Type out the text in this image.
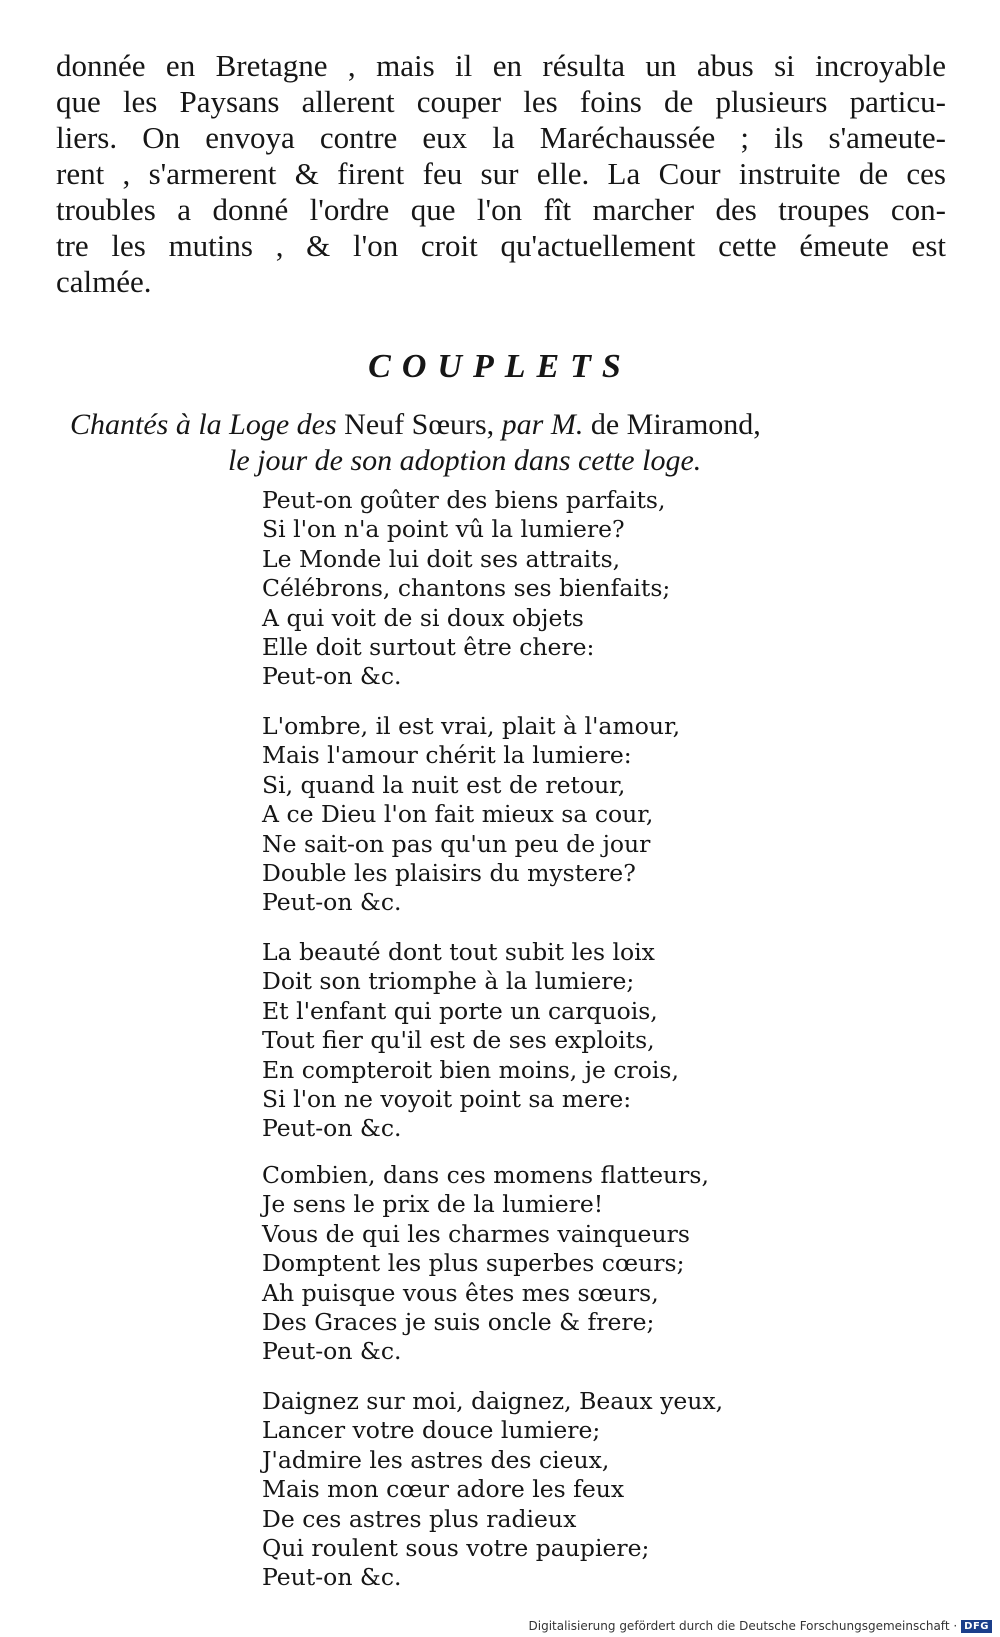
donnée en Bretagne , mais il en résulta un abus si incroyable
que les Paysans allerent couper les foins de plusieurs particu-
liers. On envoya contre eux la Maréchaussée ; ils s'ameute-
rent , s'armerent & firent feu sur elle. La Cour instruite de ces
troubles a donné l'ordre que l'on fît marcher des troupes con-
tre les mutins , & l'on croit qu'actuellement cette émeute est
calmée.
COUPLETS
Chantés à la Loge des Neuf Sœurs, par M. de Miramond,
le jour de son adoption dans cette loge.
Peut-on goûter des biens parfaits,
Si l'on n'a point vû la lumiere?
Le Monde lui doit ses attraits,
Célébrons, chantons ses bienfaits;
A qui voit de si doux objets
Elle doit surtout être chere:
Peut-on &c.
L'ombre, il est vrai, plait à l'amour,
Mais l'amour chérit la lumiere:
Si, quand la nuit est de retour,
A ce Dieu l'on fait mieux sa cour,
Ne sait-on pas qu'un peu de jour
Double les plaisirs du mystere?
Peut-on &c.
La beauté dont tout subit les loix
Doit son triomphe à la lumiere;
Et l'enfant qui porte un carquois,
Tout fier qu'il est de ses exploits,
En compteroit bien moins, je crois,
Si l'on ne voyoit point sa mere:
Peut-on &c.
Combien, dans ces momens flatteurs,
Je sens le prix de la lumiere!
Vous de qui les charmes vainqueurs
Domptent les plus superbes cœurs;
Ah puisque vous êtes mes sœurs,
Des Graces je suis oncle & frere;
Peut-on &c.
Daignez sur moi, daignez, Beaux yeux,
Lancer votre douce lumiere;
J'admire les astres des cieux,
Mais mon cœur adore les feux
De ces astres plus radieux
Qui roulent sous votre paupiere;
Peut-on &c.
Digitalisierung gefördert durch die Deutsche Forschungsgemeinschaft · DFG
